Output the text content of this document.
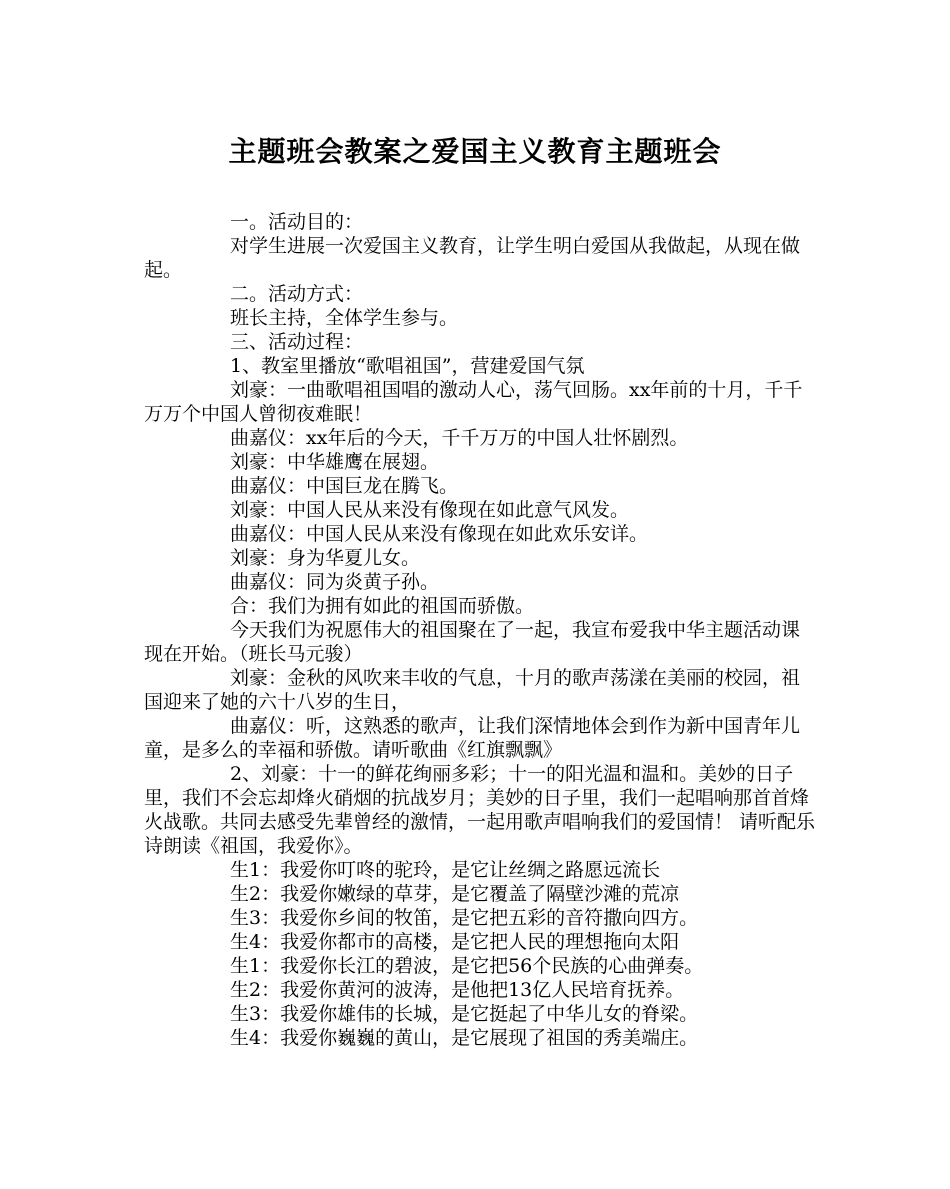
主题班会教案之爱国主义教育主题班会

一。活动目的：

对学生进展一次爱国主义教育，让学生明白爱国从我做起，从现在做起。

二。活动方式：

班长主持，全体学生参与。

三、活动过程：

1、教室里播放“歌唱祖国”，营建爱国气氛

刘豪：一曲歌唱祖国唱的激动人心，荡气回肠。xx年前的十月，千千万万个中国人曾彻夜难眠！

曲嘉仪：xx年后的今天，千千万万的中国人壮怀剧烈。

刘豪：中华雄鹰在展翅。

曲嘉仪：中国巨龙在腾飞。

刘豪：中国人民从来没有像现在如此意气风发。

曲嘉仪：中国人民从来没有像现在如此欢乐安详。

刘豪：身为华夏儿女。

曲嘉仪：同为炎黄子孙。

合：我们为拥有如此的祖国而骄傲。

今天我们为祝愿伟大的祖国聚在了一起，我宣布爱我中华主题活动课现在开始。（班长马元骏）

刘豪：金秋的风吹来丰收的气息，十月的歌声荡漾在美丽的校园，祖国迎来了她的六十八岁的生日，

曲嘉仪：听，这熟悉的歌声，让我们深情地体会到作为新中国青年儿童，是多么的幸福和骄傲。请听歌曲《红旗飘飘》

2、刘豪：十一的鲜花绚丽多彩；十一的阳光温和温和。美妙的日子里，我们不会忘却烽火硝烟的抗战岁月；美妙的日子里，我们一起唱响那首首烽火战歌。共同去感受先辈曾经的激情，一起用歌声唱响我们的爱国情！ 请听配乐诗朗读《祖国，我爱你》。

生1：我爱你叮咚的驼玲，是它让丝绸之路愿远流长

生2：我爱你嫩绿的草芽，是它覆盖了隔壁沙滩的荒凉

生3：我爱你乡间的牧笛，是它把五彩的音符撒向四方。

生4：我爱你都市的高楼，是它把人民的理想拖向太阳

生1：我爱你长江的碧波，是它把56个民族的心曲弹奏。

生2：我爱你黄河的波涛，是他把13亿人民培育抚养。

生3：我爱你雄伟的长城，是它挺起了中华儿女的脊梁。

生4：我爱你巍巍的黄山，是它展现了祖国的秀美端庄。
